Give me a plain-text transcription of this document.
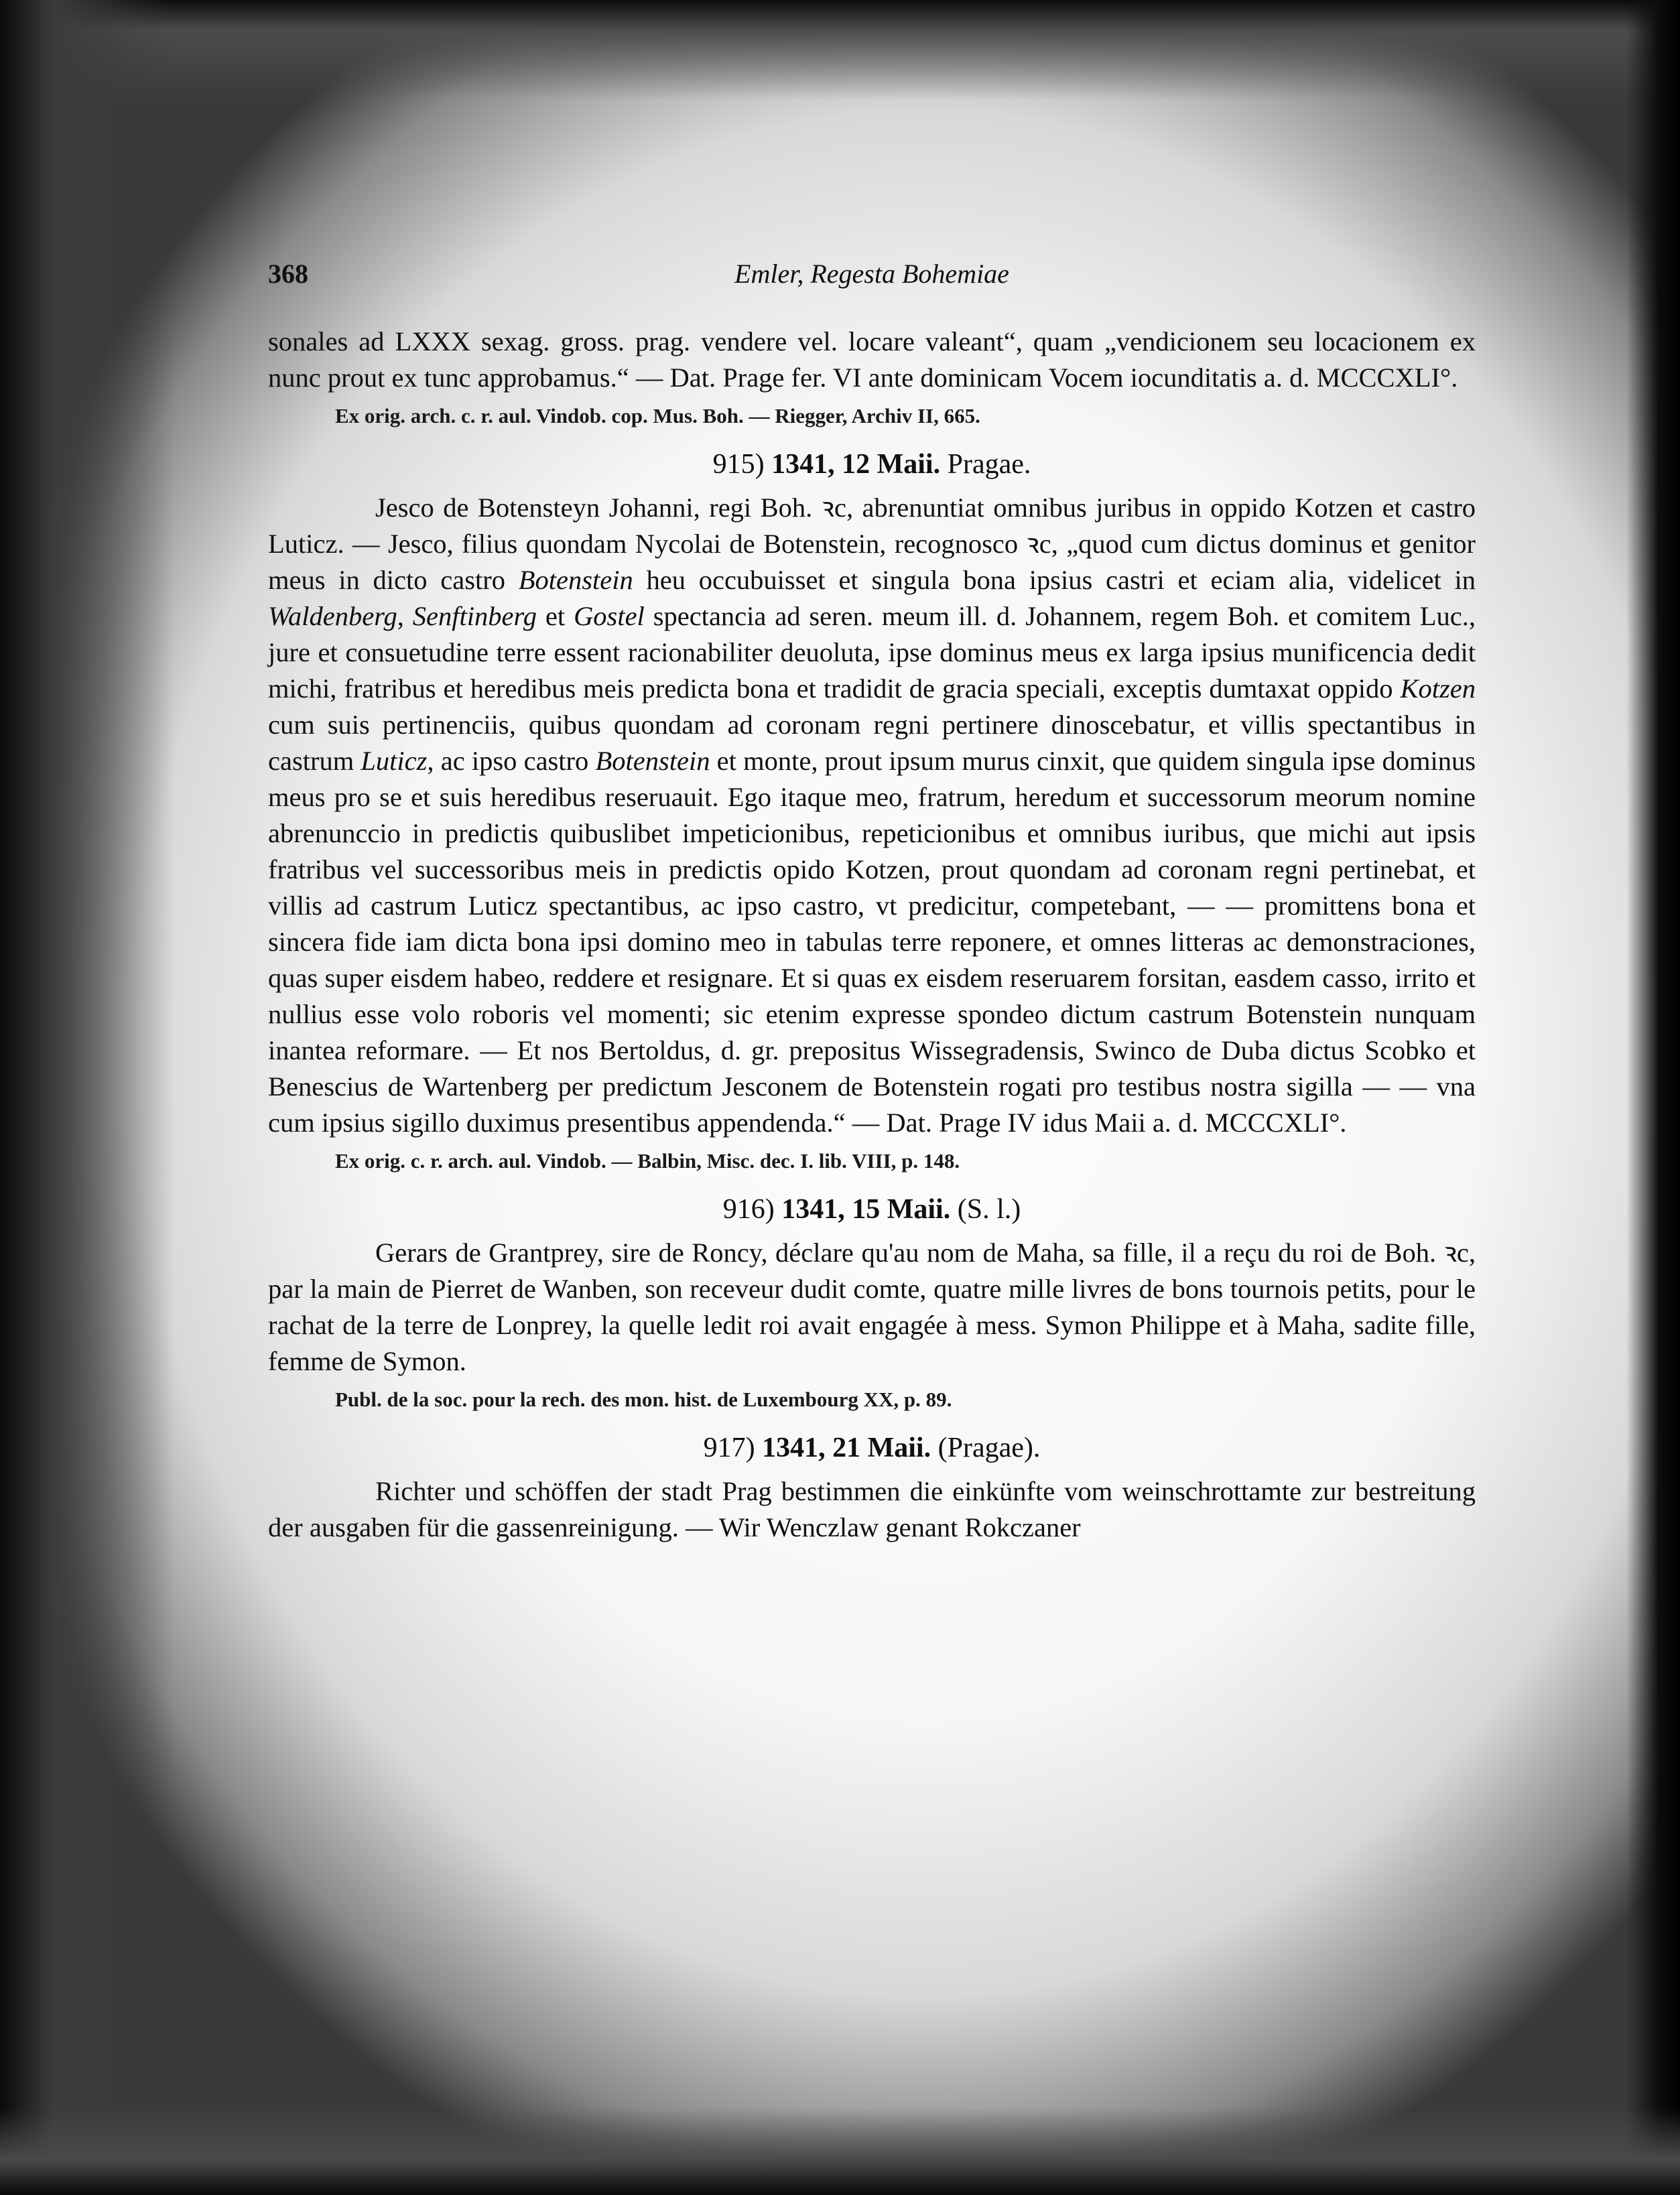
368	Emler, Regesta Bohemiae

sonales ad LXXX sexag. gross. prag. vendere vel. locare valeant“, quam „vendicionem seu locacionem ex nunc prout ex tunc approbamus.“ — Dat. Prage fer. VI ante dominicam Vocem iocunditatis a. d. MCCCXLI°.

Ex orig. arch. c. r. aul. Vindob. cop. Mus. Boh. — Riegger, Archiv II, 665.

915) 1341, 12 Maii. Pragae.

Jesco de Botensteyn Johanni, regi Boh. ꝛc, abrenuntiat omnibus juribus in oppido Kotzen et castro Luticz. — Jesco, filius quondam Nycolai de Botenstein, recognosco ꝛc, „quod cum dictus dominus et genitor meus in dicto castro Botenstein heu occubuisset et singula bona ipsius castri et eciam alia, videlicet in Waldenberg, Senftinberg et Gostel spectancia ad seren. meum ill. d. Johannem, regem Boh. et comitem Luc., jure et consuetudine terre essent racionabiliter deuoluta, ipse dominus meus ex larga ipsius munificencia dedit michi, fratribus et heredibus meis predicta bona et tradidit de gracia speciali, exceptis dumtaxat oppido Kotzen cum suis pertinenciis, quibus quondam ad coronam regni pertinere dinoscebatur, et villis spectantibus in castrum Luticz, ac ipso castro Botenstein et monte, prout ipsum murus cinxit, que quidem singula ipse dominus meus pro se et suis heredibus reseruauit. Ego itaque meo, fratrum, heredum et successorum meorum nomine abrenunccio in predictis quibuslibet impeticionibus, repeticionibus et omnibus iuribus, que michi aut ipsis fratribus vel successoribus meis in predictis opido Kotzen, prout quondam ad coronam regni pertinebat, et villis ad castrum Luticz spectantibus, ac ipso castro, vt predicitur, competebant, — — promittens bona et sincera fide iam dicta bona ipsi domino meo in tabulas terre reponere, et omnes litteras ac demonstraciones, quas super eisdem habeo, reddere et resignare. Et si quas ex eisdem reseruarem forsitan, easdem casso, irrito et nullius esse volo roboris vel momenti; sic etenim expresse spondeo dictum castrum Botenstein nunquam inantea reformare. — Et nos Bertoldus, d. gr. prepositus Wissegradensis, Swinco de Duba dictus Scobko et Benescius de Wartenberg per predictum Jesconem de Botenstein rogati pro testibus nostra sigilla — — vna cum ipsius sigillo duximus presentibus appendenda.“ — Dat. Prage IV idus Maii a. d. MCCCXLI°.

Ex orig. c. r. arch. aul. Vindob. — Balbin, Misc. dec. I. lib. VIII, p. 148.

916) 1341, 15 Maii. (S. l.)

Gerars de Grantprey, sire de Roncy, déclare qu'au nom de Maha, sa fille, il a reçu du roi de Boh. ꝛc, par la main de Pierret de Wanben, son receveur dudit comte, quatre mille livres de bons tournois petits, pour le rachat de la terre de Lonprey, la quelle ledit roi avait engagée à mess. Symon Philippe et à Maha, sadite fille, femme de Symon.

Publ. de la soc. pour la rech. des mon. hist. de Luxembourg XX, p. 89.

917) 1341, 21 Maii. (Pragae).

Richter und schöffen der stadt Prag bestimmen die einkünfte vom weinschrottamte zur bestreitung der ausgaben für die gassenreinigung. — Wir Wenczlaw genant Rokczaner
